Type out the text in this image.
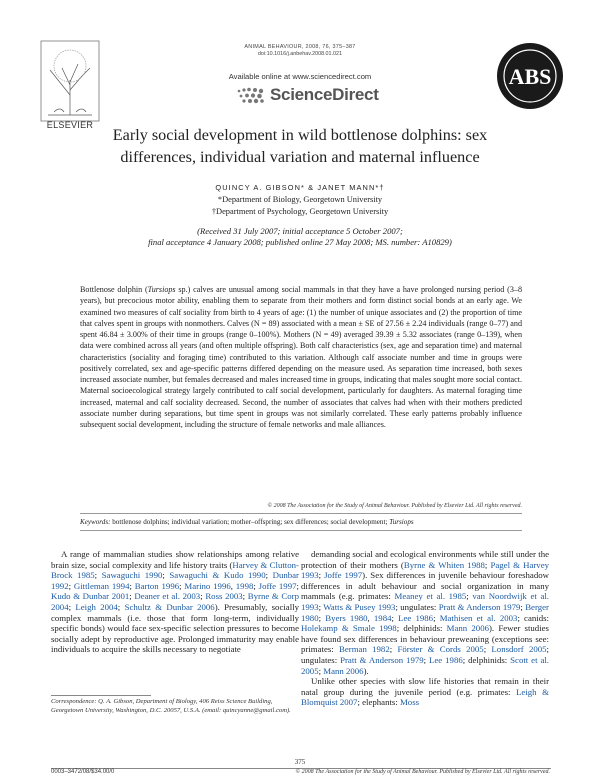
ANIMAL BEHAVIOUR, 2008, 76, 375–387
doi:10.1016/j.anbehav.2008.01.021
ELSEVIER
Available online at www.sciencedirect.com
ScienceDirect
ABS
Early social development in wild bottlenose dolphins: sex
differences, individual variation and maternal influence
QUINCY A. GIBSON* & JANET MANN*†
*Department of Biology, Georgetown University
†Department of Psychology, Georgetown University
(Received 31 July 2007; initial acceptance 5 October 2007;
final acceptance 4 January 2008; published online 27 May 2008; MS. number: A10829)
Bottlenose dolphin (Tursiops sp.) calves are unusual among social mammals in that they have a have prolonged nursing period (3–8 years), but precocious motor ability, enabling them to separate from their mothers and form distinct social bonds at an early age. We examined two measures of calf sociality from birth to 4 years of age: (1) the number of unique associates and (2) the proportion of time that calves spent in groups with nonmothers. Calves (N = 89) associated with a mean ± SE of 27.56 ± 2.24 individuals (range 0–77) and spent 46.84 ± 3.00% of their time in groups (range 0–100%). Mothers (N = 49) averaged 39.39 ± 5.32 associates (range 0–139), when data were combined across all years (and often multiple offspring). Both calf characteristics (sex, age and separation time) and maternal characteristics (sociality and foraging time) contributed to this variation. Although calf associate number and time in groups were positively correlated, sex and age-specific patterns differed depending on the measure used. As separation time increased, both sexes increased associate number, but females decreased and males increased time in groups, indicating that males sought more social contact. Maternal socioecological strategy largely contributed to calf social development, particularly for daughters. As maternal foraging time increased, maternal and calf sociality decreased. Second, the number of associates that calves had when with their mothers predicted associate number during separations, but time spent in groups was not similarly correlated. These early patterns probably influence subsequent social development, including the structure of female networks and male alliances.
© 2008 The Association for the Study of Animal Behaviour. Published by Elsevier Ltd. All rights reserved.
Keywords: bottlenose dolphins; individual variation; mother–offspring; sex differences; social development; Tursiops
A range of mammalian studies show relationships among relative brain size, social complexity and life history traits (Harvey & Clutton-Brock 1985; Sawaguchi 1990; Sawaguchi & Kudo 1990; Dunbar 1992; Gittleman 1994; Barton 1996; Marino 1996, 1998; Joffe 1997; Kudo & Dunbar 2001; Deaner et al. 2003; Ross 2003; Byrne & Corp 2004; Leigh 2004; Schultz & Dunbar 2006). Presumably, socially complex mammals (i.e. those that form long-term, individually specific bonds) would face sex-specific selection pressures to become socially adept by reproductive age. Prolonged immaturity may enable individuals to acquire the skills necessary to negotiate
demanding social and ecological environments while still under the protection of their mothers (Byrne & Whiten 1988; Pagel & Harvey 1993; Joffe 1997). Sex differences in juvenile behaviour foreshadow differences in adult behaviour and social organization in many mammals (e.g. primates: Meaney et al. 1985; van Noordwijk et al. 1993; Watts & Pusey 1993; ungulates: Pratt & Anderson 1979; Berger 1980; Byers 1980, 1984; Lee 1986; Mathisen et al. 2003; canids: Holekamp & Smale 1998; delphinids: Mann 2006). Fewer studies have found sex differences in behaviour preweaning (exceptions see: primates: Berman 1982; Förster & Cords 2005; Lonsdorf 2005; ungulates: Pratt & Anderson 1979; Lee 1986; delphinids: Scott et al. 2005; Mann 2006).
Unlike other species with slow life histories that remain in their natal group during the juvenile period (e.g. primates: Leigh & Blomquist 2007; elephants: Moss
Correspondence: Q. A. Gibson, Department of Biology, 406 Reiss Science Building, Georgetown University, Washington, D.C. 20057, U.S.A. (email: quincyanne@gmail.com).
375
0003–3472/08/$34.00/0	© 2008 The Association for the Study of Animal Behaviour. Published by Elsevier Ltd. All rights reserved.
